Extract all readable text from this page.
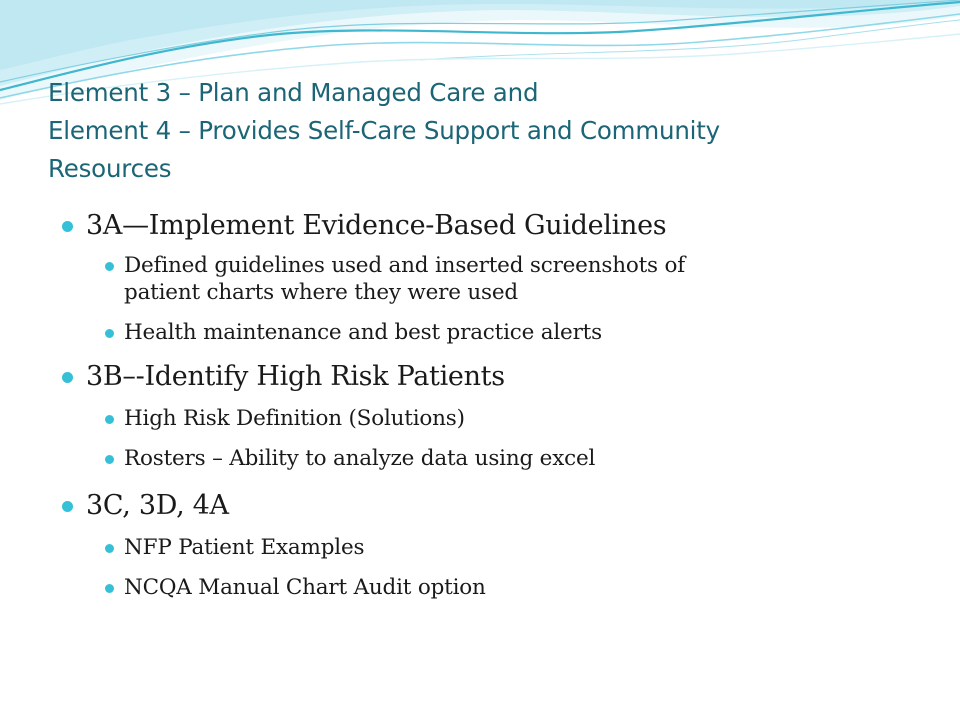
Element 3 – Plan and Managed Care and
Element 4 – Provides Self-Care Support and Community
Resources
3A—Implement Evidence-Based Guidelines
Defined guidelines used and inserted screenshots of
patient charts where they were used
Health maintenance and best practice alerts
3B–-Identify High Risk Patients
High Risk Definition (Solutions)
Rosters – Ability to analyze data using excel
3C, 3D, 4A
NFP Patient Examples
NCQA Manual Chart Audit option
